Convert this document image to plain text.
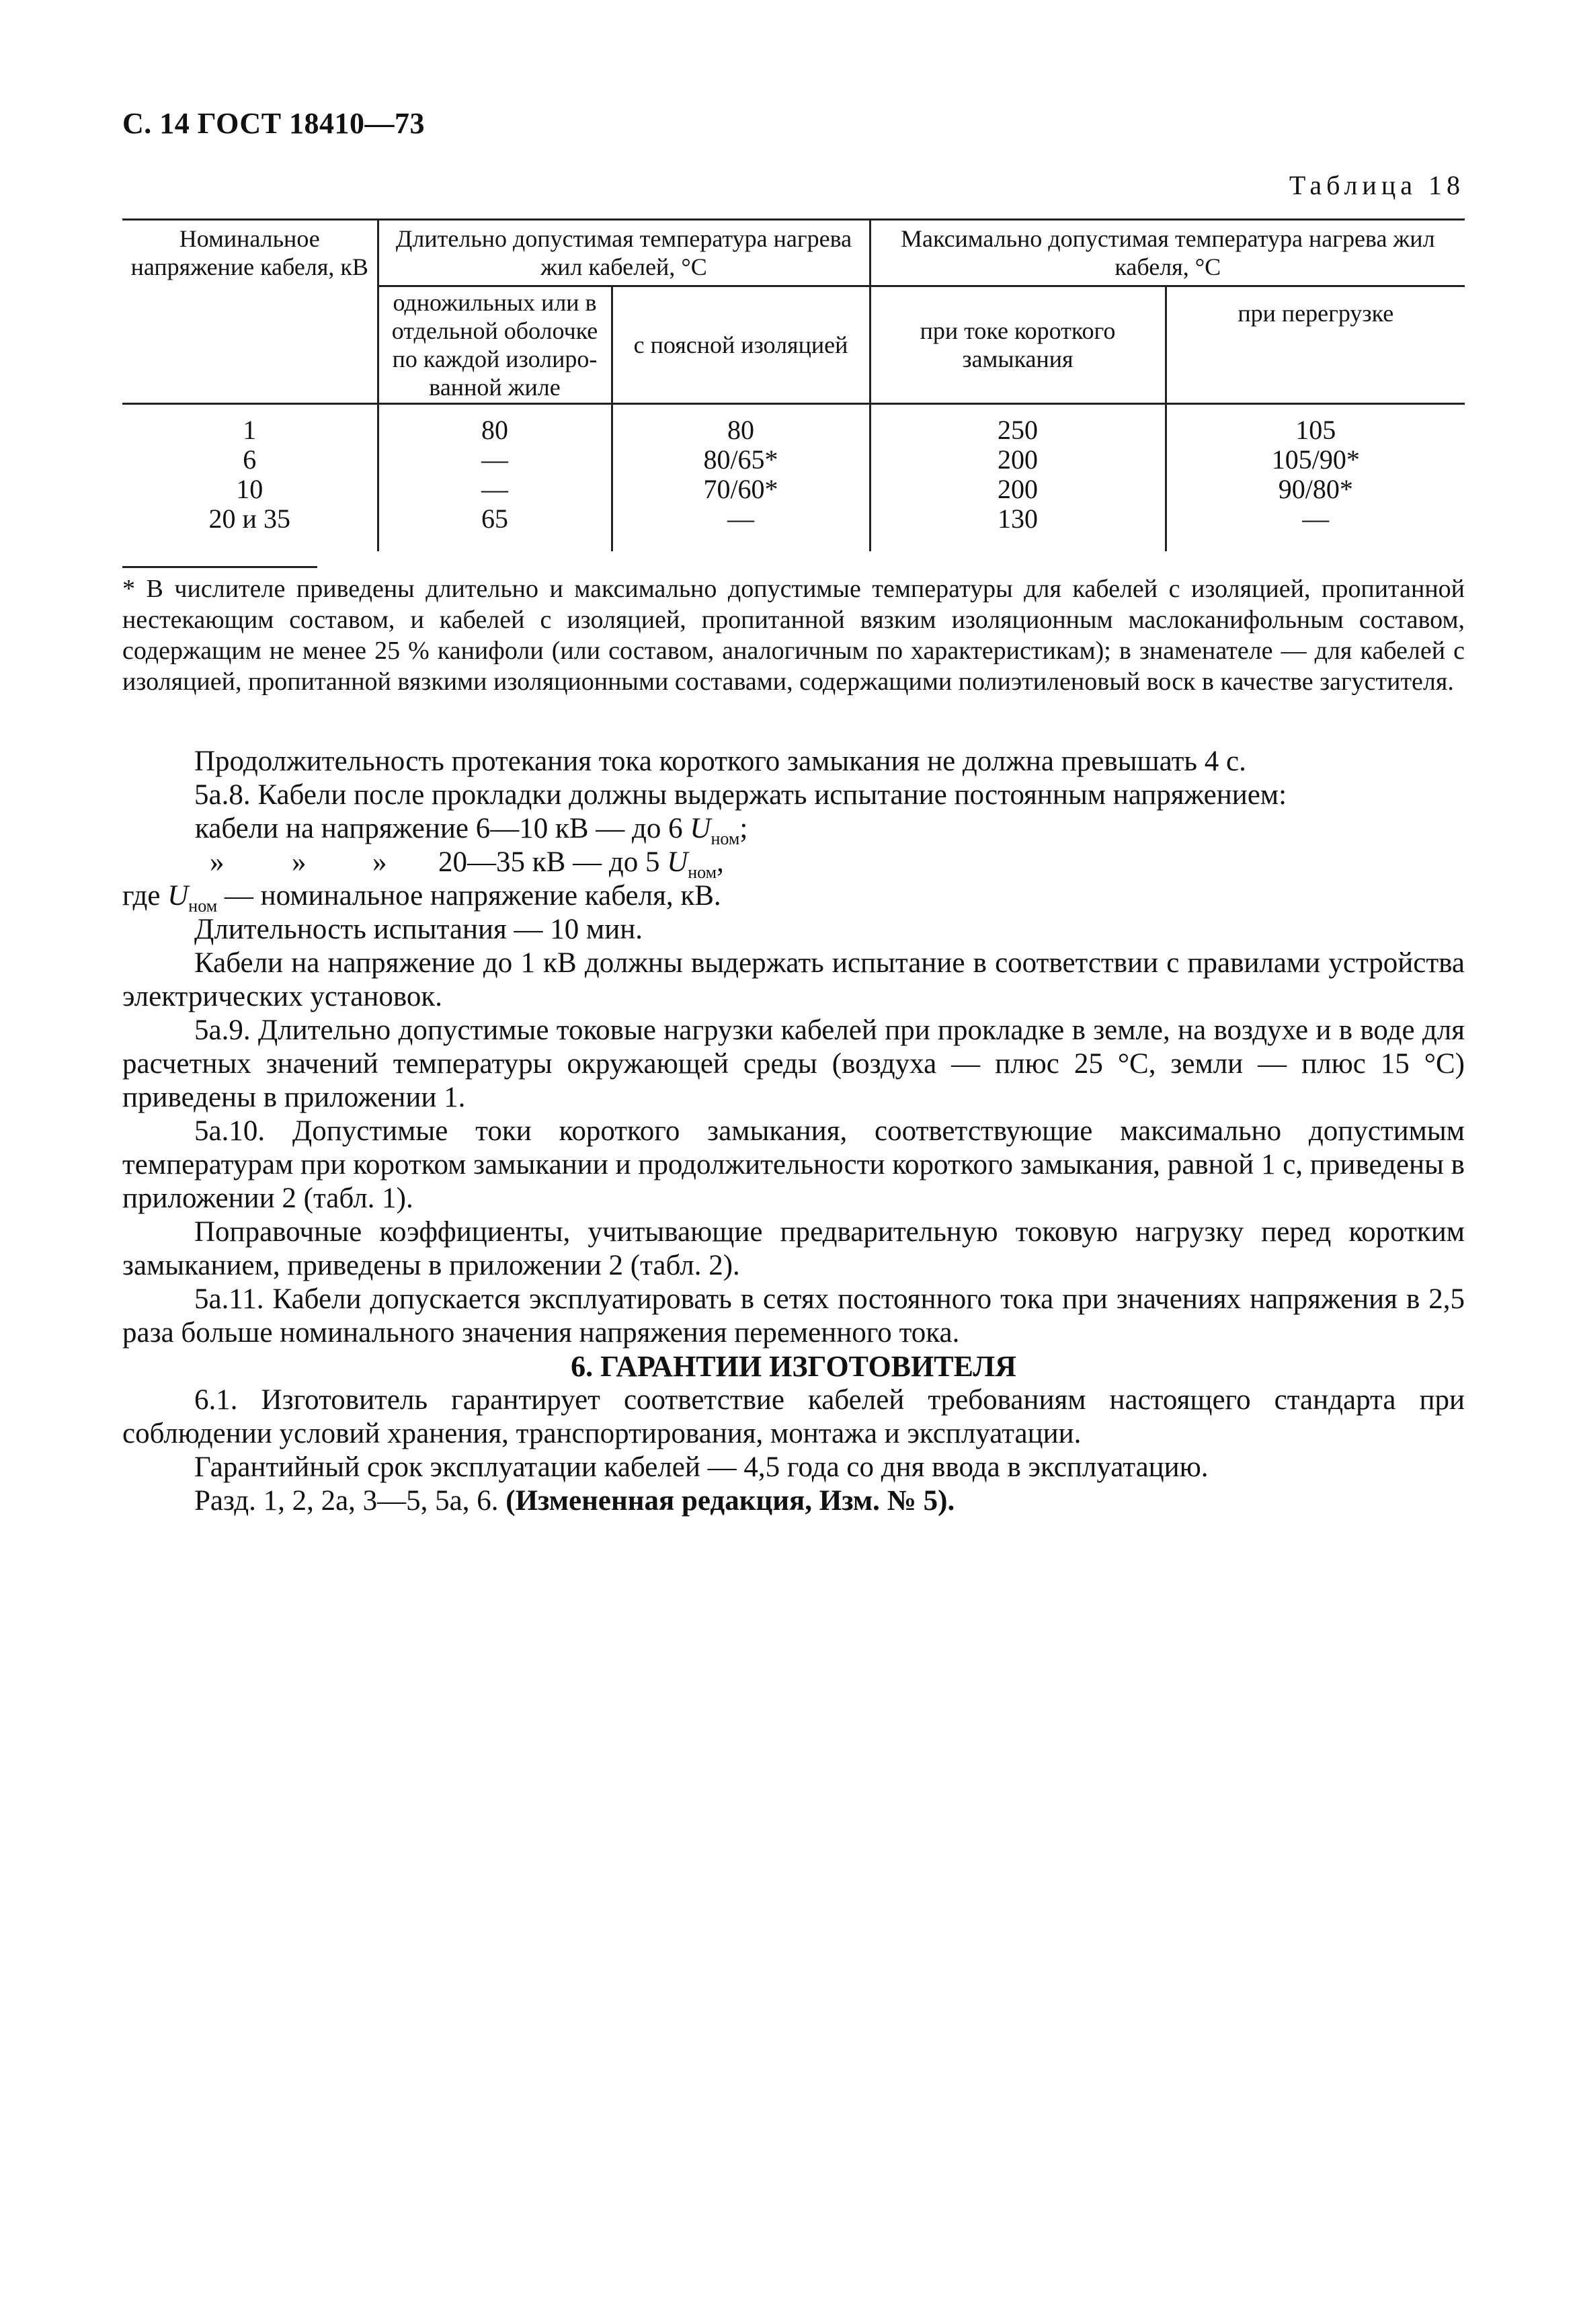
С. 14 ГОСТ 18410—73
Таблица 18
Номинальное напряжение кабеля, кВ	Длительно допустимая температура нагрева жил кабелей, °С		Максимально допустимая температура нагрева жил кабеля, °С	
	одножильных или в отдельной оболочке по каждой изолиро- ванной жиле	с поясной изоляцией	при токе короткого замыкания	при перегрузке
1	80	80	250	105
6	—	80/65*	200	105/90*
10	—	70/60*	200	90/80*
20 и 35	65	—	130	—
* В числителе приведены длительно и максимально допустимые температуры для кабелей с изоляцией, пропитанной нестекающим составом, и кабелей с изоляцией, пропитанной вязким изоляционным маслоканифольным составом, содержащим не менее 25 % канифоли (или составом, аналогичным по характеристикам); в знаменателе — для кабелей с изоляцией, пропитанной вязкими изоляционными составами, содержащими полиэтиленовый воск в качестве загустителя.

Продолжительность протекания тока короткого замыкания не должна превышать 4 с.

5а.8. Кабели после прокладки должны выдержать испытание постоянным напряжением:

кабели на напряжение 6—10 кВ — до 6 $U_{ном}$;

» » » 20—35 кВ — до 5 $U_{ном}$,

где $U_{ном}$ — номинальное напряжение кабеля, кВ.

Длительность испытания — 10 мин.

Кабели на напряжение до 1 кВ должны выдержать испытание в соответствии с правилами устройства электрических установок.

5а.9. Длительно допустимые токовые нагрузки кабелей при прокладке в земле, на воздухе и в воде для расчетных значений температуры окружающей среды (воздуха — плюс 25 °С, земли — плюс 15 °С) приведены в приложении 1.

5а.10. Допустимые токи короткого замыкания, соответствующие максимально допустимым температурам при коротком замыкании и продолжительности короткого замыкания, равной 1 с, приведены в приложении 2 (табл. 1).

Поправочные коэффициенты, учитывающие предварительную токовую нагрузку перед коротким замыканием, приведены в приложении 2 (табл. 2).

5а.11. Кабели допускается эксплуатировать в сетях постоянного тока при значениях напряжения в 2,5 раза больше номинального значения напряжения переменного тока.

6. ГАРАНТИИ ИЗГОТОВИТЕЛЯ

6.1. Изготовитель гарантирует соответствие кабелей требованиям настоящего стандарта при соблюдении условий хранения, транспортирования, монтажа и эксплуатации.

Гарантийный срок эксплуатации кабелей — 4,5 года со дня ввода в эксплуатацию.

Разд. 1, 2, 2а, 3—5, 5а, 6. (Измененная редакция, Изм. № 5).
